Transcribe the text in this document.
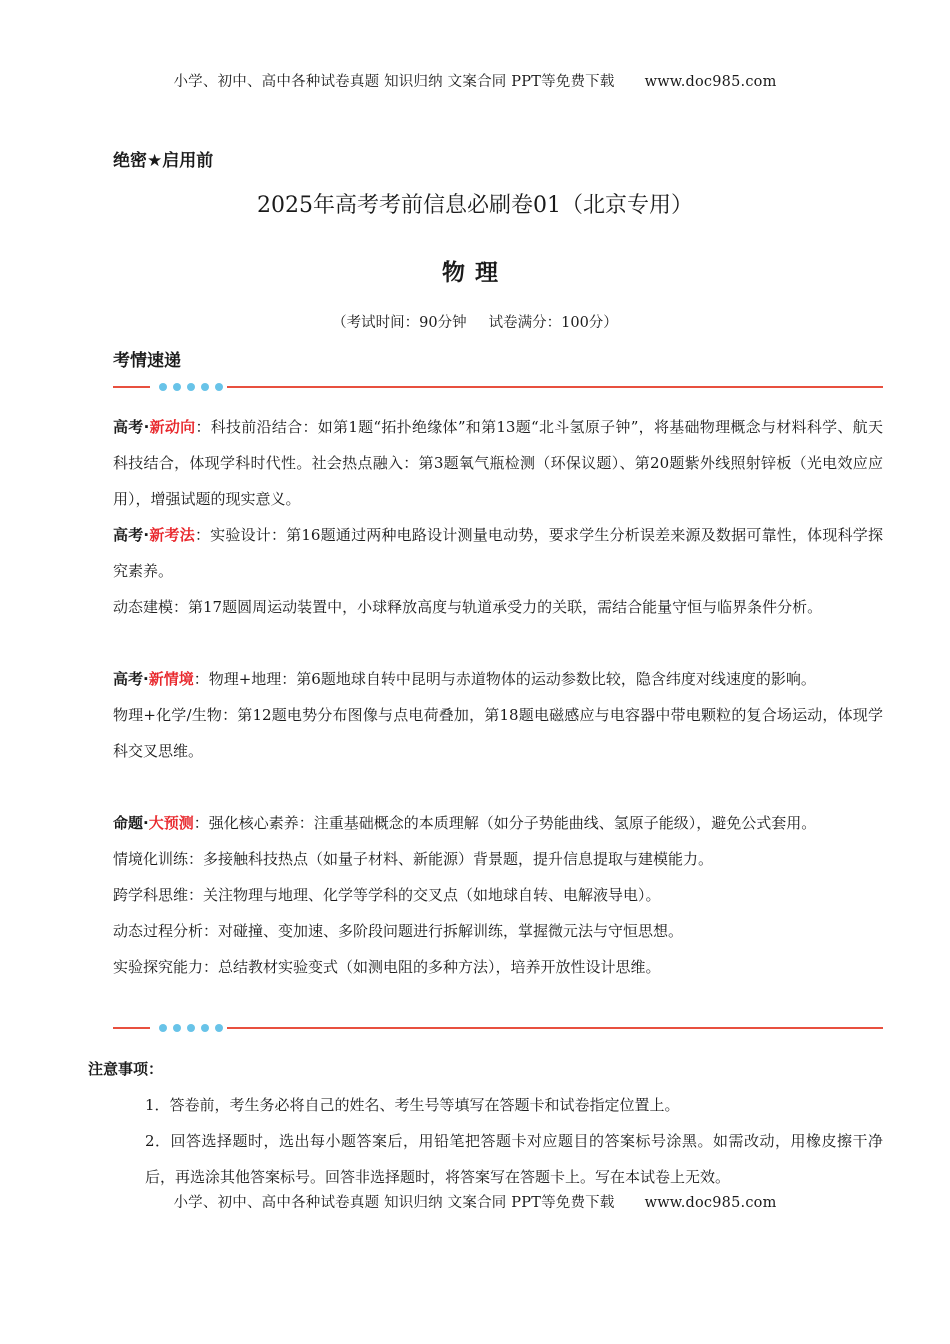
小学、初中、高中各种试卷真题 知识归纳 文案合同 PPT等免费下载 www.doc985.com
绝密★启用前
2025年高考考前信息必刷卷01（北京专用）
物理
（考试时间：90分钟 试卷满分：100分）
考情速递

高考·新动向：科技前沿结合：如第1题“拓扑绝缘体”和第13题“北斗氢原子钟”，将基础物理概念与材料科学、航天科技结合，体现学科时代性。社会热点融入：第3题氧气瓶检测（环保议题）、第20题紫外线照射锌板（光电效应应用），增强试题的现实意义。

高考·新考法：实验设计：第16题通过两种电路设计测量电动势，要求学生分析误差来源及数据可靠性，体现科学探究素养。

动态建模：第17题圆周运动装置中，小球释放高度与轨道承受力的关联，需结合能量守恒与临界条件分析。

高考·新情境：物理+地理：第6题地球自转中昆明与赤道物体的运动参数比较，隐含纬度对线速度的影响。

物理+化学/生物：第12题电势分布图像与点电荷叠加，第18题电磁感应与电容器中带电颗粒的复合场运动，体现学科交叉思维。

命题·大预测：强化核心素养：注重基础概念的本质理解（如分子势能曲线、氢原子能级），避免公式套用。

情境化训练：多接触科技热点（如量子材料、新能源）背景题，提升信息提取与建模能力。

跨学科思维：关注物理与地理、化学等学科的交叉点（如地球自转、电解液导电）。

动态过程分析：对碰撞、变加速、多阶段问题进行拆解训练，掌握微元法与守恒思想。

实验探究能力：总结教材实验变式（如测电阻的多种方法），培养开放性设计思维。

注意事项：

1．答卷前，考生务必将自己的姓名、考生号等填写在答题卡和试卷指定位置上。

2．回答选择题时，选出每小题答案后，用铅笔把答题卡对应题目的答案标号涂黑。如需改动，用橡皮擦干净后，再选涂其他答案标号。回答非选择题时，将答案写在答题卡上。写在本试卷上无效。

小学、初中、高中各种试卷真题 知识归纳 文案合同 PPT等免费下载 www.doc985.com
